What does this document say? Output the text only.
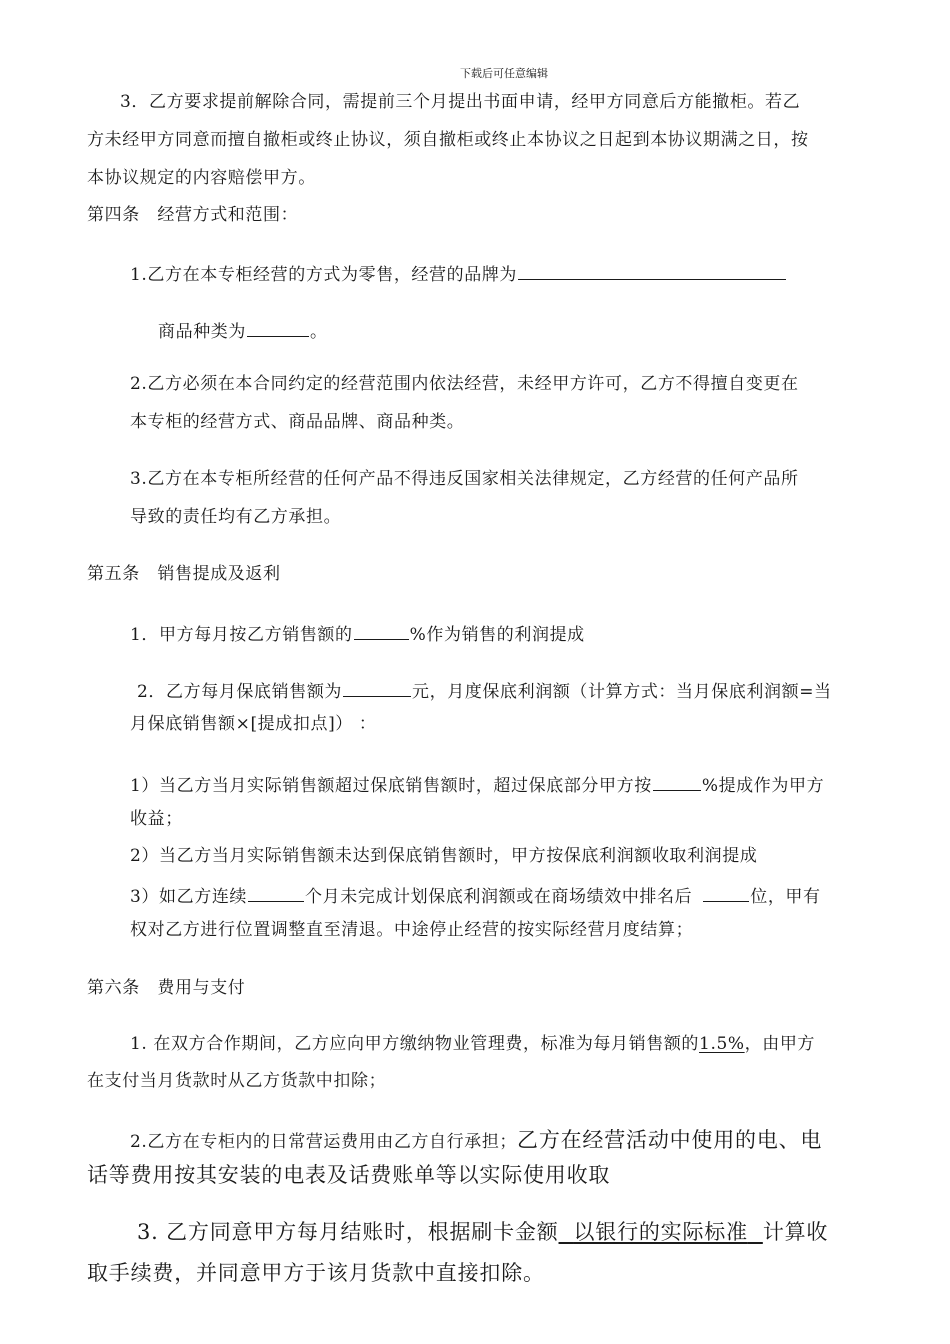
下载后可任意编辑
3．乙方要求提前解除合同，需提前三个月提出书面申请，经甲方同意后方能撤柜。若乙
方未经甲方同意而擅自撤柜或终止协议，须自撤柜或终止本协议之日起到本协议期满之日，按
本协议规定的内容赔偿甲方。
第四条　经营方式和范围：
1.乙方在本专柜经营的方式为零售，经营的品牌为
商品种类为	。
2.乙方必须在本合同约定的经营范围内依法经营，未经甲方许可，乙方不得擅自变更在
本专柜的经营方式、商品品牌、商品种类。
3.乙方在本专柜所经营的任何产品不得违反国家相关法律规定，乙方经营的任何产品所
导致的责任均有乙方承担。
第五条　销售提成及返利
1．甲方每月按乙方销售额的	%作为销售的利润提成
2．乙方每月保底销售额为	元，月度保底利润额（计算方式：当月保底利润额=当
月保底销售额×[提成扣点]） ：
1）当乙方当月实际销售额超过保底销售额时，超过保底部分甲方按	%提成作为甲方
收益；
2）当乙方当月实际销售额未达到保底销售额时，甲方按保底利润额收取利润提成
3）如乙方连续	个月未完成计划保底利润额或在商场绩效中排名后	位，甲有
权对乙方进行位置调整直至清退。中途停止经营的按实际经营月度结算；
第六条　费用与支付
1. 在双方合作期间，乙方应向甲方缴纳物业管理费，标准为每月销售额的1.5%，由甲方
在支付当月货款时从乙方货款中扣除；
2.乙方在专柜内的日常营运费用由乙方自行承担；乙方在经营活动中使用的电、电
话等费用按其安装的电表及话费账单等以实际使用收取
3. 乙方同意甲方每月结账时，根据刷卡金额 以银行的实际标准 计算收
取手续费，并同意甲方于该月货款中直接扣除。
